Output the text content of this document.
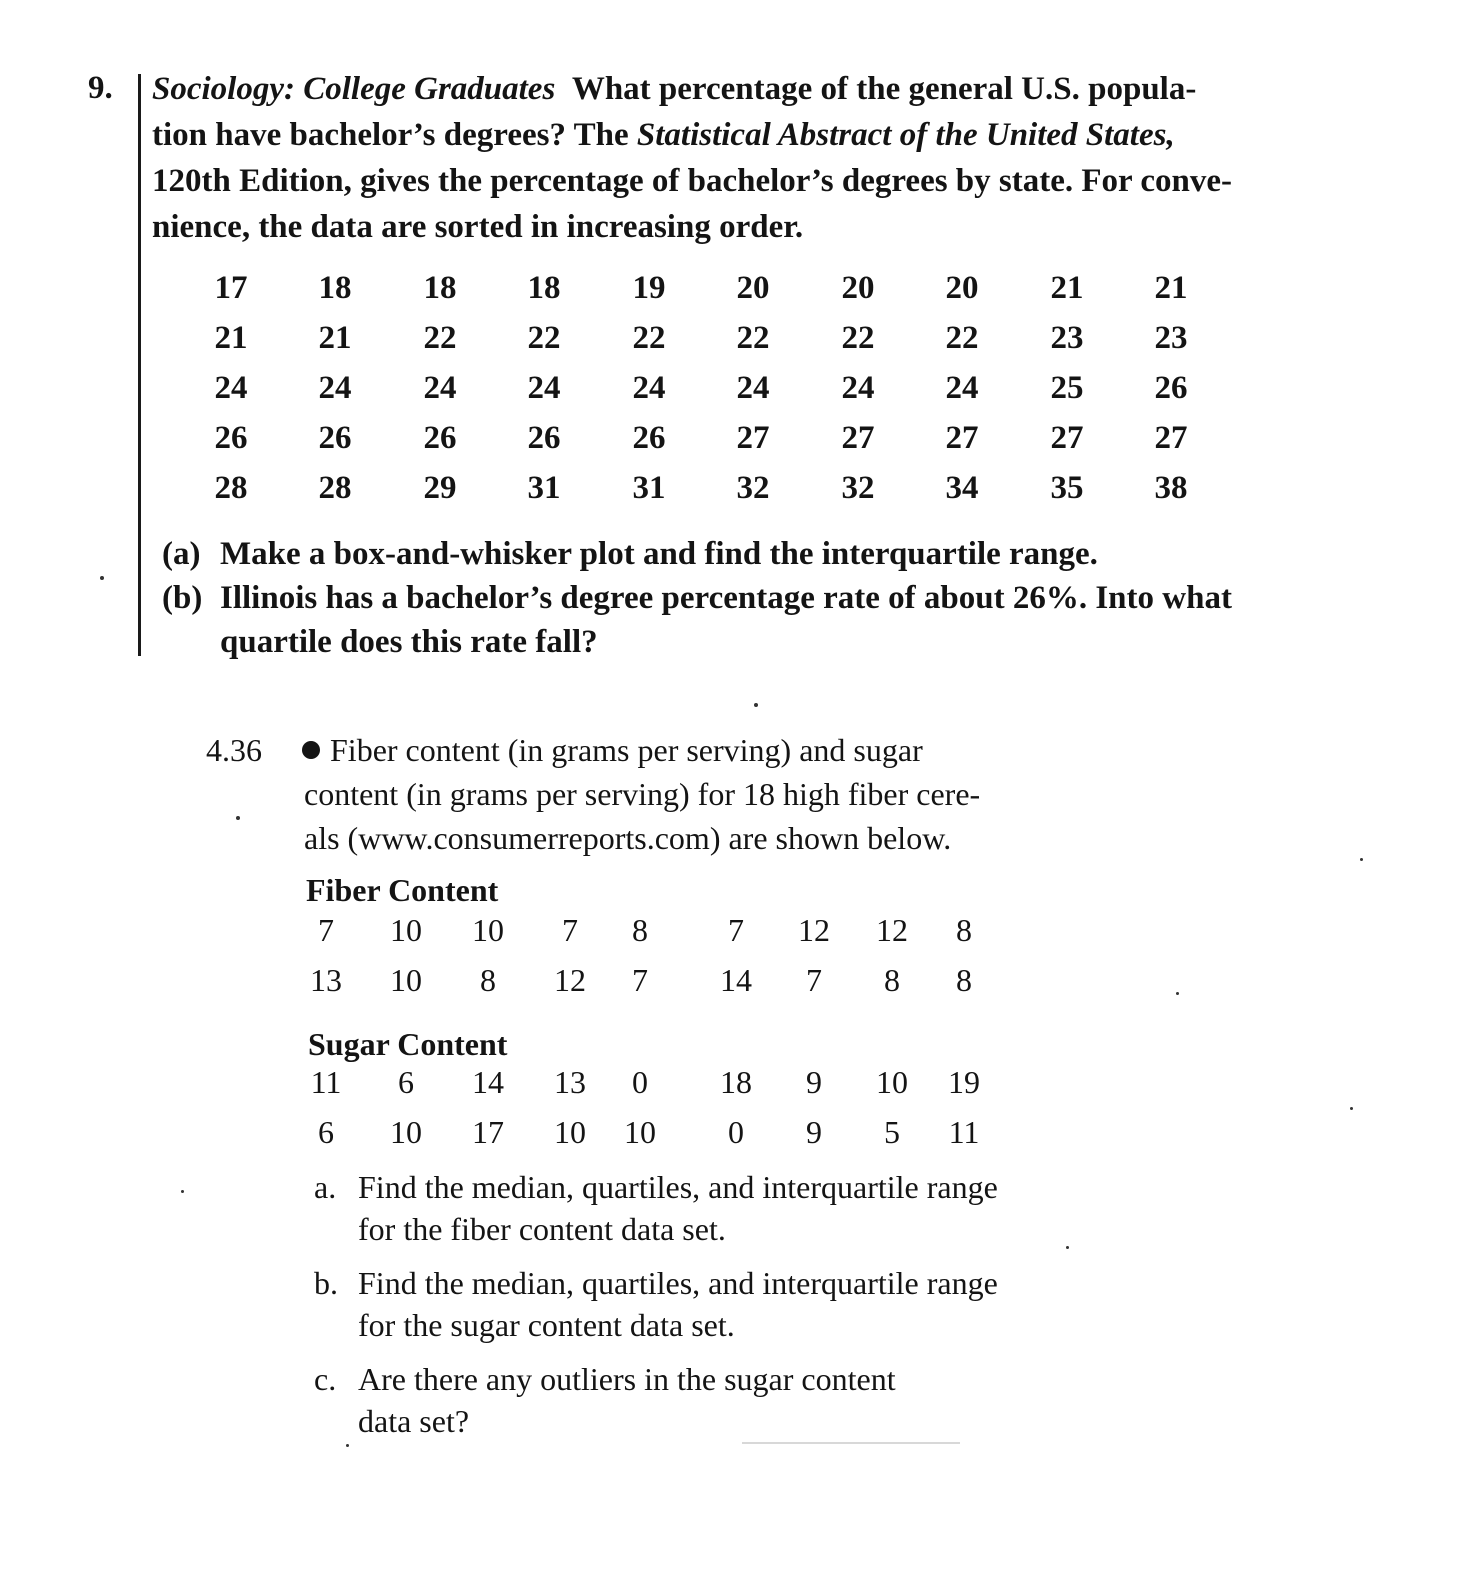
9. Sociology: College Graduates What percentage of the general U.S. popula-
tion have bachelor’s degrees? The Statistical Abstract of the United States,
120th Edition, gives the percentage of bachelor’s degrees by state. For conve-
nience, the data are sorted in increasing order.
17	18	18	18	19	20	20	20	21	21
21	21	22	22	22	22	22	22	23	23
24	24	24	24	24	24	24	24	25	26
26	26	26	26	26	27	27	27	27	27
28	28	29	31	31	32	32	34	35	38
(a) Make a box-and-whisker plot and find the interquartile range.
(b) Illinois has a bachelor’s degree percentage rate of about 26%. Into what
quartile does this rate fall?
4.36	Fiber content (in grams per serving) and sugar
content (in grams per serving) for 18 high fiber cere-
als (www.consumerreports.com) are shown below.
Fiber Content
7	10	10	7	8	7	12	12	8
13	10	8	12	7	14	7	8	8
Sugar Content
11	6	14	13	0	18	9	10	19
6	10	17	10	10	0	9	5	11
a. Find the median, quartiles, and interquartile range
for the fiber content data set.
b. Find the median, quartiles, and interquartile range
for the sugar content data set.
c. Are there any outliers in the sugar content
data set?
